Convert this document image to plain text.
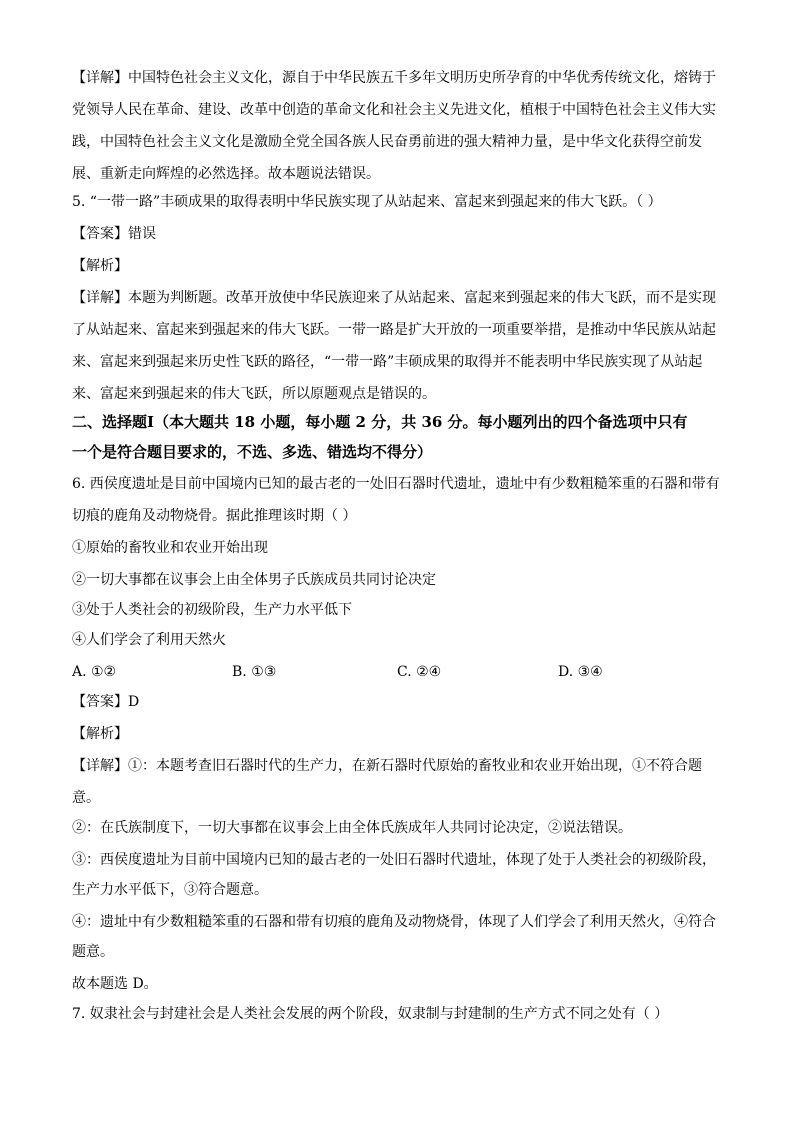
【详解】中国特色社会主义文化，源自于中华民族五千多年文明历史所孕育的中华优秀传统文化，熔铸于
党领导人民在革命、建设、改革中创造的革命文化和社会主义先进文化，植根于中国特色社会主义伟大实
践，中国特色社会主义文化是激励全党全国各族人民奋勇前进的强大精神力量，是中华文化获得空前发
展、重新走向辉煌的必然选择。故本题说法错误。
5. “一带一路”丰硕成果的取得表明中华民族实现了从站起来、富起来到强起来的伟大飞跃。（ ）
【答案】错误
【解析】
【详解】本题为判断题。改革开放使中华民族迎来了从站起来、富起来到强起来的伟大飞跃，而不是实现
了从站起来、富起来到强起来的伟大飞跃。一带一路是扩大开放的一项重要举措，是推动中华民族从站起
来、富起来到强起来历史性飞跃的路径，“一带一路”丰硕成果的取得并不能表明中华民族实现了从站起
来、富起来到强起来的伟大飞跃，所以原题观点是错误的。
二、选择题Ⅰ（本大题共 18 小题，每小题 2 分，共 36 分。每小题列出的四个备选项中只有
一个是符合题目要求的，不选、多选、错选均不得分）
6. 西侯度遗址是目前中国境内已知的最古老的一处旧石器时代遗址，遗址中有少数粗糙笨重的石器和带有
切痕的鹿角及动物烧骨。据此推理该时期（ ）
①原始的畜牧业和农业开始出现
②一切大事都在议事会上由全体男子氏族成员共同讨论决定
③处于人类社会的初级阶段，生产力水平低下
④人们学会了利用天然火
A. ①②	B. ①③	C. ②④	D. ③④
【答案】D
【解析】
【详解】①：本题考查旧石器时代的生产力，在新石器时代原始的畜牧业和农业开始出现，①不符合题
意。
②：在氏族制度下，一切大事都在议事会上由全体氏族成年人共同讨论决定，②说法错误。
③：西侯度遗址为目前中国境内已知的最古老的一处旧石器时代遗址，体现了处于人类社会的初级阶段，
生产力水平低下，③符合题意。
④：遗址中有少数粗糙笨重的石器和带有切痕的鹿角及动物烧骨，体现了人们学会了利用天然火，④符合
题意。
故本题选 D。
7. 奴隶社会与封建社会是人类社会发展的两个阶段，奴隶制与封建制的生产方式不同之处有（ ）
